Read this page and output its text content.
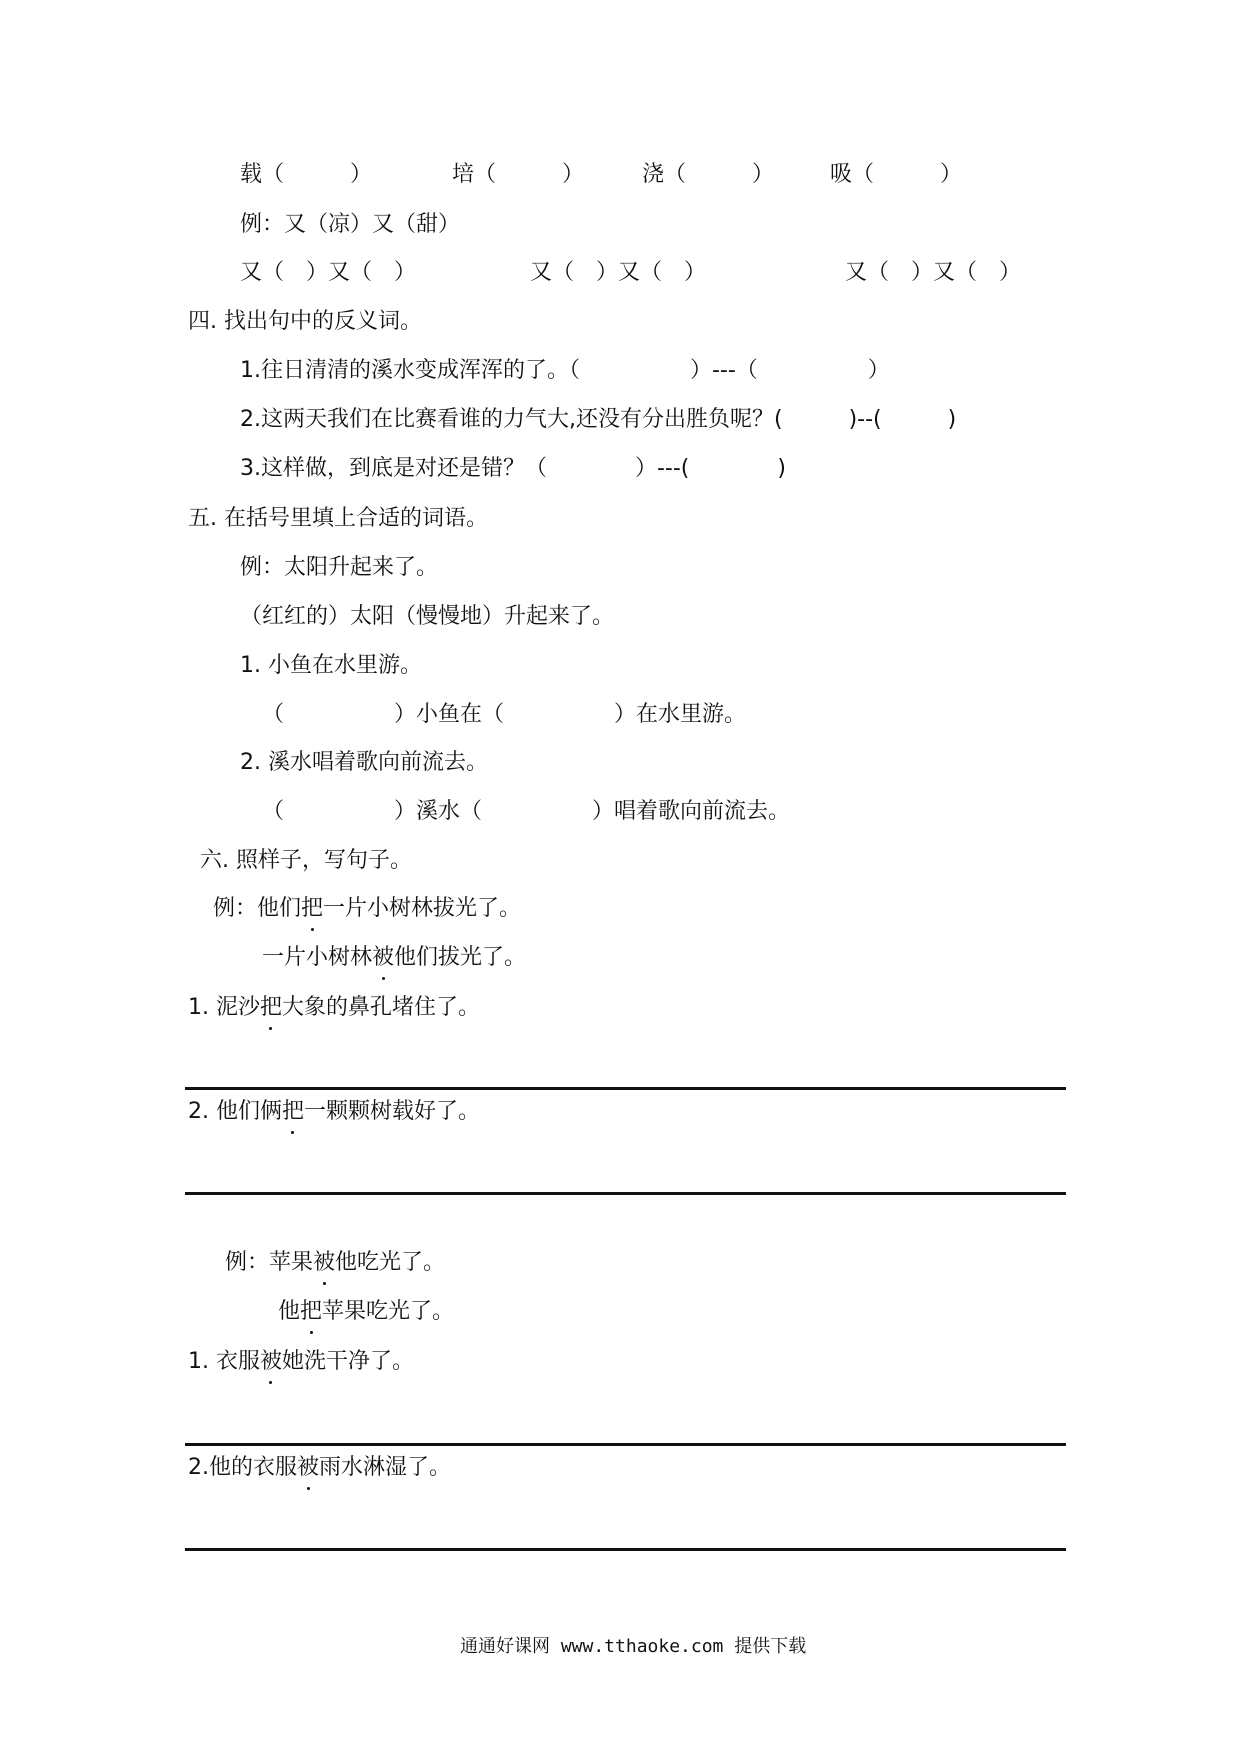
载（　　　）	培（　　　）	浇（　　　）	吸（　　　）
例：又（凉）又（甜）
又（　）又（　）	又（　）又（　）	又（　）又（　）
四. 找出句中的反义词。
1.往日清清的溪水变成浑浑的了。（　　　　　）---（　　　　　）
2.这两天我们在比赛看谁的力气大,还没有分出胜负呢？(　　　)--(　　　)
3.这样做，到底是对还是错？（　　　　）---(　　　　)
五. 在括号里填上合适的词语。
例：太阳升起来了。
（红红的）太阳（慢慢地）升起来了。
1. 小鱼在水里游。
（　　　　　）小鱼在（　　　　　）在水里游。
2. 溪水唱着歌向前流去。
（　　　　　）溪水（　　　　　）唱着歌向前流去。
六. 照样子，写句子。
例：他们把一片小树林拔光了。
一片小树林被他们拔光了。
1. 泥沙把大象的鼻孔堵住了。
2. 他们俩把一颗颗树载好了。
例：苹果被他吃光了。
他把苹果吃光了。
1. 衣服被她洗干净了。
2.他的衣服被雨水淋湿了。
通通好课网 www.tthaoke.com 提供下载
